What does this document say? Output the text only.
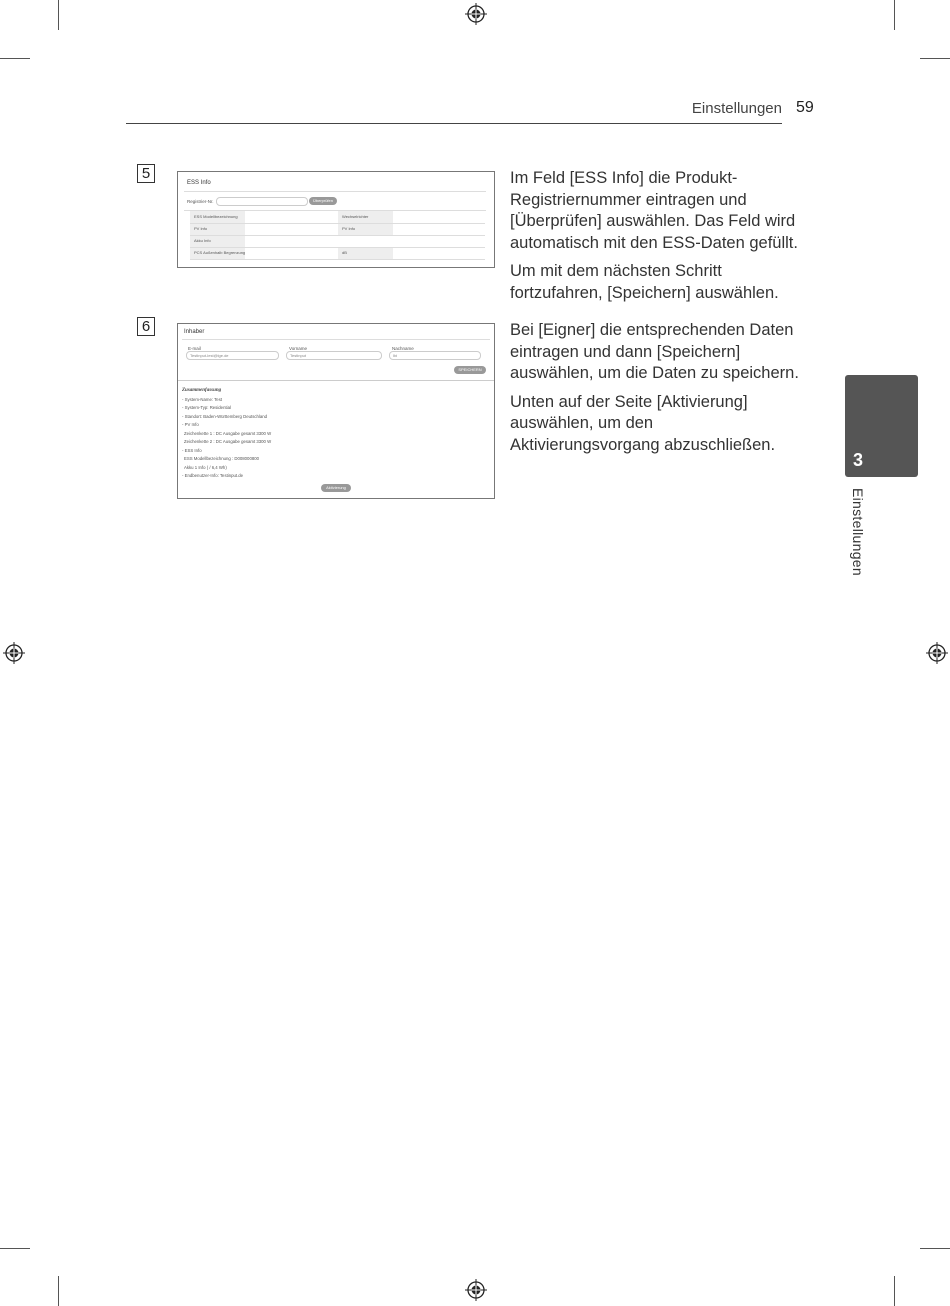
Einstellungen 59
3
Einstellungen
5
ESS Info
Registrier-Nr.	Überprüfen
ESS Modellbezeichnung	Wechselrichter
PV Info	PV Info
Akku Info
PCS Außenhalb Begrenzung	dB

Im Feld [ESS Info] die Produkt-Registriernummer eintragen und [Überprüfen] auswählen. Das Feld wird automatisch mit den ESS-Daten gefüllt.

Um mit dem nächsten Schritt fortzufahren, [Speichern] auswählen.

6	Inhaber
E-mail
Testinput-lest@lge.de
Vorname
Testinput
Nachname
Ibi
SPEICHERN
Zusammenfassung
- System-Name: Test
- System-Typ: Residential
- Standort: Baden-Württemberg Deutschland
- PV Info
Zeichenkette 1 : DC Ausgabe gesamt 3300 W
Zeichenkette 2 : DC Ausgabe gesamt 3300 W
- ESS Info
ESS Modellbezeichnung : D008000800
Akku 1 Info ( / 6,4 Wh)
- Endbenutzer-Info: Testinput.de
Aktivierung

Bei [Eigner] die entsprechenden Daten eintragen und dann [Speichern] auswählen, um die Daten zu speichern.

Unten auf der Seite [Aktivierung] auswählen, um den Aktivierungsvorgang abzuschließen.
